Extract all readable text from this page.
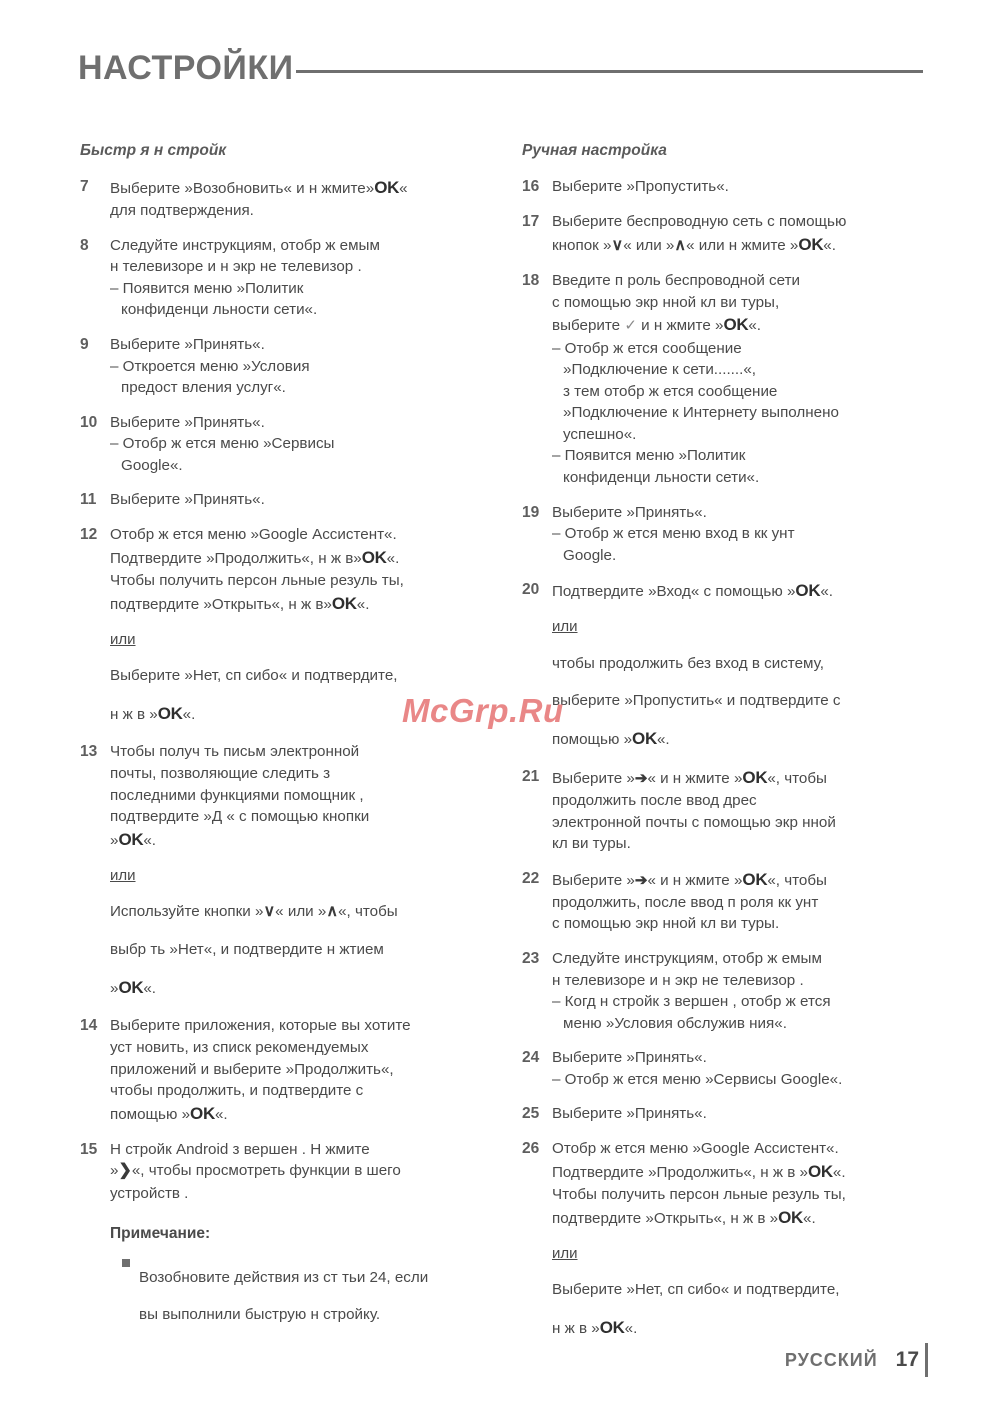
НАСТРОЙКИ
Быстр я н стройк
7	Выберите »Возобновить« и н жмите»OK«

для подтверждения.

8	Следуйте инструкциям, отобр ж емым

н телевизоре и н экр не телевизор .

– Появится меню »Политик

конфиденци льности сети«.

9	Выберите »Принять«.

– Откроется меню »Условия

предост вления услуг«.

10 Выберите »Принять«.

– Отобр ж ется меню »Сервисы

Google«.

11 Выберите »Принять«.

12 Отобр ж ется меню »Google Ассистент«.

Подтвердите »Продолжить«, н ж в»OK«.

Чтобы получить персон льные резуль ты,

подтвердите »Открыть«, н ж в»OK«.

или

Выберите »Нет, сп сибо« и подтвердите,

н ж в »OK«.

13 Чтобы получ ть письм электронной

почты, позволяющие следить з

последними функциями помощник ,

подтвердите »Д « с помощью кнопки

»OK«.

или

Используйте кнопки »∨« или »∧«, чтобы

выбр ть »Нет«, и подтвердите н жтием

»OK«.

14 Выберите приложения, которые вы хотите

уст новить, из списк рекомендуемых

приложений и выберите »Продолжить«,

чтобы продолжить, и подтвердите с

помощью »OK«.

15 Н стройк Android з вершен . Н жмите

»❯«, чтобы просмотреть функции в шего

устройств .

Примечание:

Возобновите действия из ст тьи 24, если

вы выполнили быструю н стройку.

Ручная настройка
16 Выберите »Пропустить«.

17 Выберите беспроводную сеть с помощью

кнопок »∨« или »∧« или н жмите »OK«.

18 Введите п роль беспроводной сети

с помощью экр нной кл ви туры,

выберите ✓ и н жмите »OK«.

– Отобр ж ется сообщение

»Подключение к сети.......«,

з тем отобр ж ется сообщение

»Подключение к Интернету выполнено

успешно«.

– Появится меню »Политик

конфиденци льности сети«.

19 Выберите »Принять«.

– Отобр ж ется меню вход в кк унт

Google.

20 Подтвердите »Вход« с помощью »OK«.

или

чтобы продолжить без вход в систему,

выберите »Пропустить« и подтвердите с

помощью »OK«.

21 Выберите »➔« и н жмите »OK«, чтобы

продолжить после ввод дрес

электронной почты с помощью экр нной

кл ви туры.

22 Выберите »➔« и н жмите »OK«, чтобы

продолжить, после ввод п роля кк унт

с помощью экр нной кл ви туры.

23 Следуйте инструкциям, отобр ж емым

н телевизоре и н экр не телевизор .

– Когд н стройк з вершен , отобр ж ется

меню »Условия обслужив ния«.

24 Выберите »Принять«.

– Отобр ж ется меню »Сервисы Google«.

25 Выберите »Принять«.

26 Отобр ж ется меню »Google Ассистент«.

Подтвердите »Продолжить«, н ж в »OK«.

Чтобы получить персон льные резуль ты,

подтвердите »Открыть«, н ж в »OK«.

или

Выберите »Нет, сп сибо« и подтвердите,

н ж в »OK«.

McGrp.Ru
РУССКИЙ 17
